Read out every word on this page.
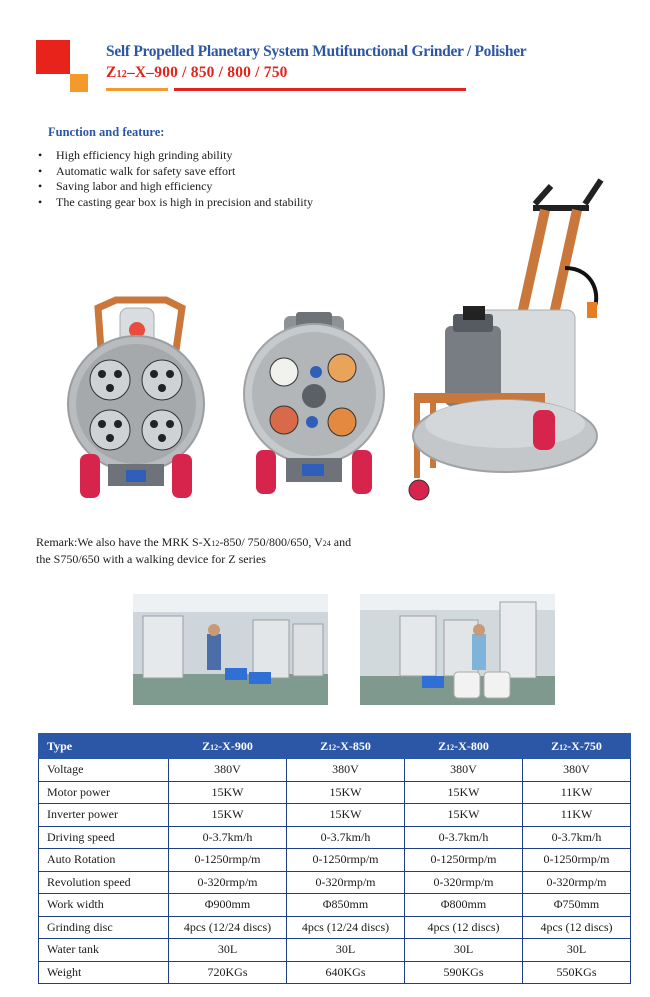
Self Propelled Planetary System Mutifunctional Grinder / Polisher
Z12–X–900 / 850 / 800 / 750
Function and feature:
• High efficiency high grinding ability
• Automatic walk for safety save effort
• Saving labor and high efficiency
• The casting gear box is high in precision and stability
Remark:We also have the MRK S-X12-850/ 750/800/650, V24 and the S750/650 with a walking device for Z series
Type	Z12-X-900	Z12-X-850	Z12-X-800	Z12-X-750
Voltage	380V	380V	380V	380V
Motor power	15KW	15KW	15KW	11KW
Inverter power	15KW	15KW	15KW	11KW
Driving speed	0-3.7km/h	0-3.7km/h	0-3.7km/h	0-3.7km/h
Auto Rotation	0-1250rmp/m	0-1250rmp/m	0-1250rmp/m	0-1250rmp/m
Revolution speed	0-320rmp/m	0-320rmp/m	0-320rmp/m	0-320rmp/m
Work width	Φ900mm	Φ850mm	Φ800mm	Φ750mm
Grinding disc	4pcs (12/24 discs)	4pcs (12/24 discs)	4pcs (12 discs)	4pcs (12 discs)
Water tank	30L	30L	30L	30L
Weight	720KGs	640KGs	590KGs	550KGs
